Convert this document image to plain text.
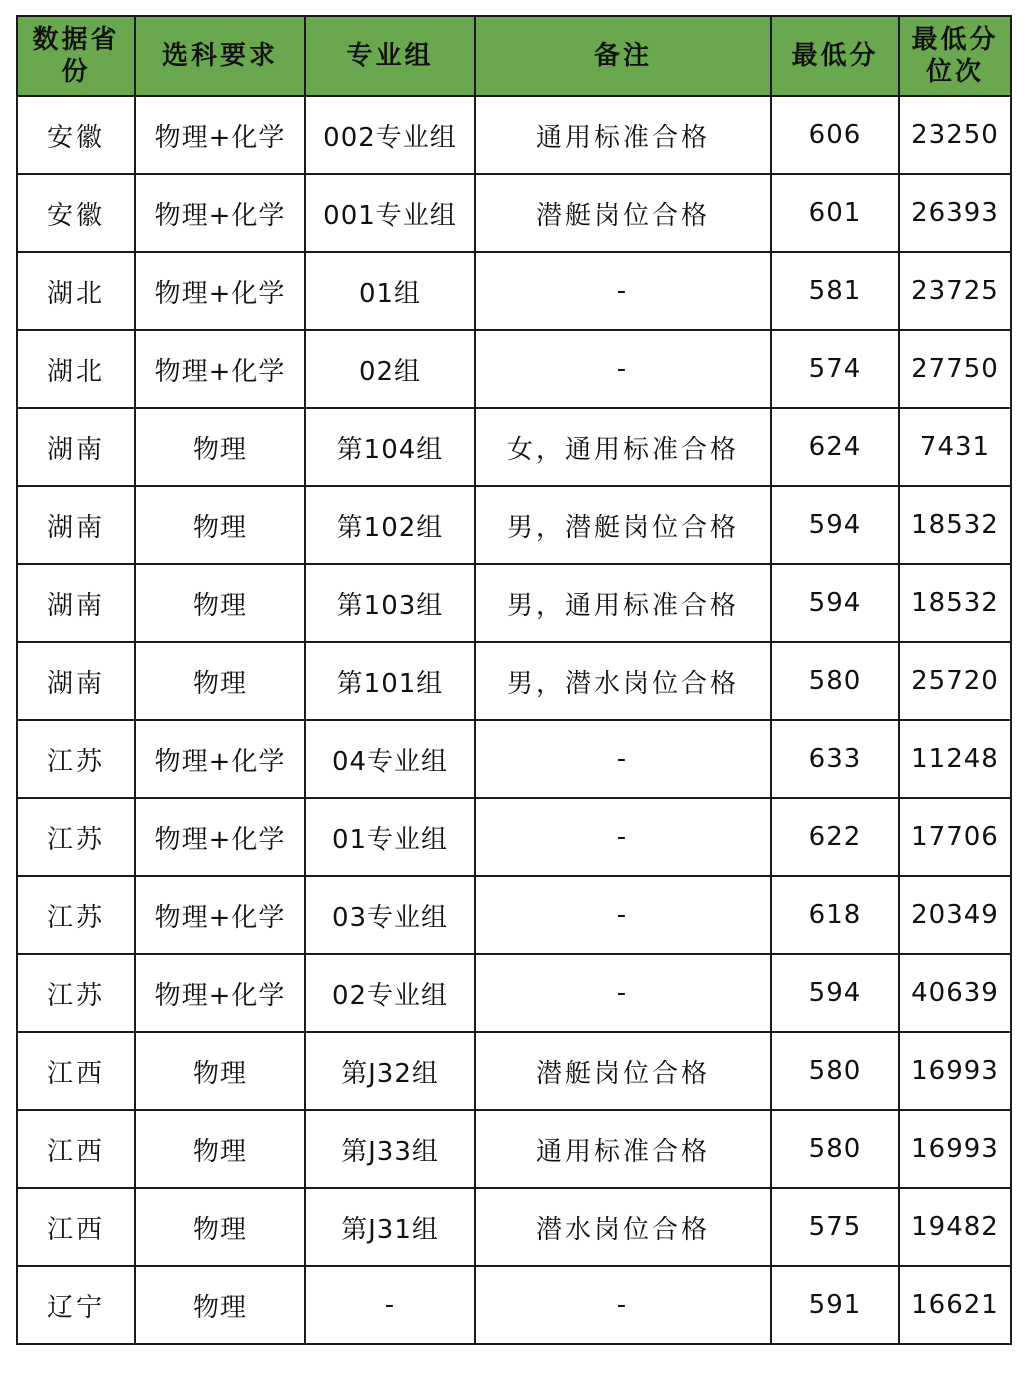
数据省份	选科要求	专业组	备注	最低分	最低分位次
安徽	物理+化学	002专业组	通用标准合格	606	23250
安徽	物理+化学	001专业组	潜艇岗位合格	601	26393
湖北	物理+化学	01组	-	581	23725
湖北	物理+化学	02组	-	574	27750
湖南	物理	第104组	女，通用标准合格	624	7431
湖南	物理	第102组	男，潜艇岗位合格	594	18532
湖南	物理	第103组	男，通用标准合格	594	18532
湖南	物理	第101组	男，潜水岗位合格	580	25720
江苏	物理+化学	04专业组	-	633	11248
江苏	物理+化学	01专业组	-	622	17706
江苏	物理+化学	03专业组	-	618	20349
江苏	物理+化学	02专业组	-	594	40639
江西	物理	第J32组	潜艇岗位合格	580	16993
江西	物理	第J33组	通用标准合格	580	16993
江西	物理	第J31组	潜水岗位合格	575	19482
辽宁	物理	-	-	591	16621
